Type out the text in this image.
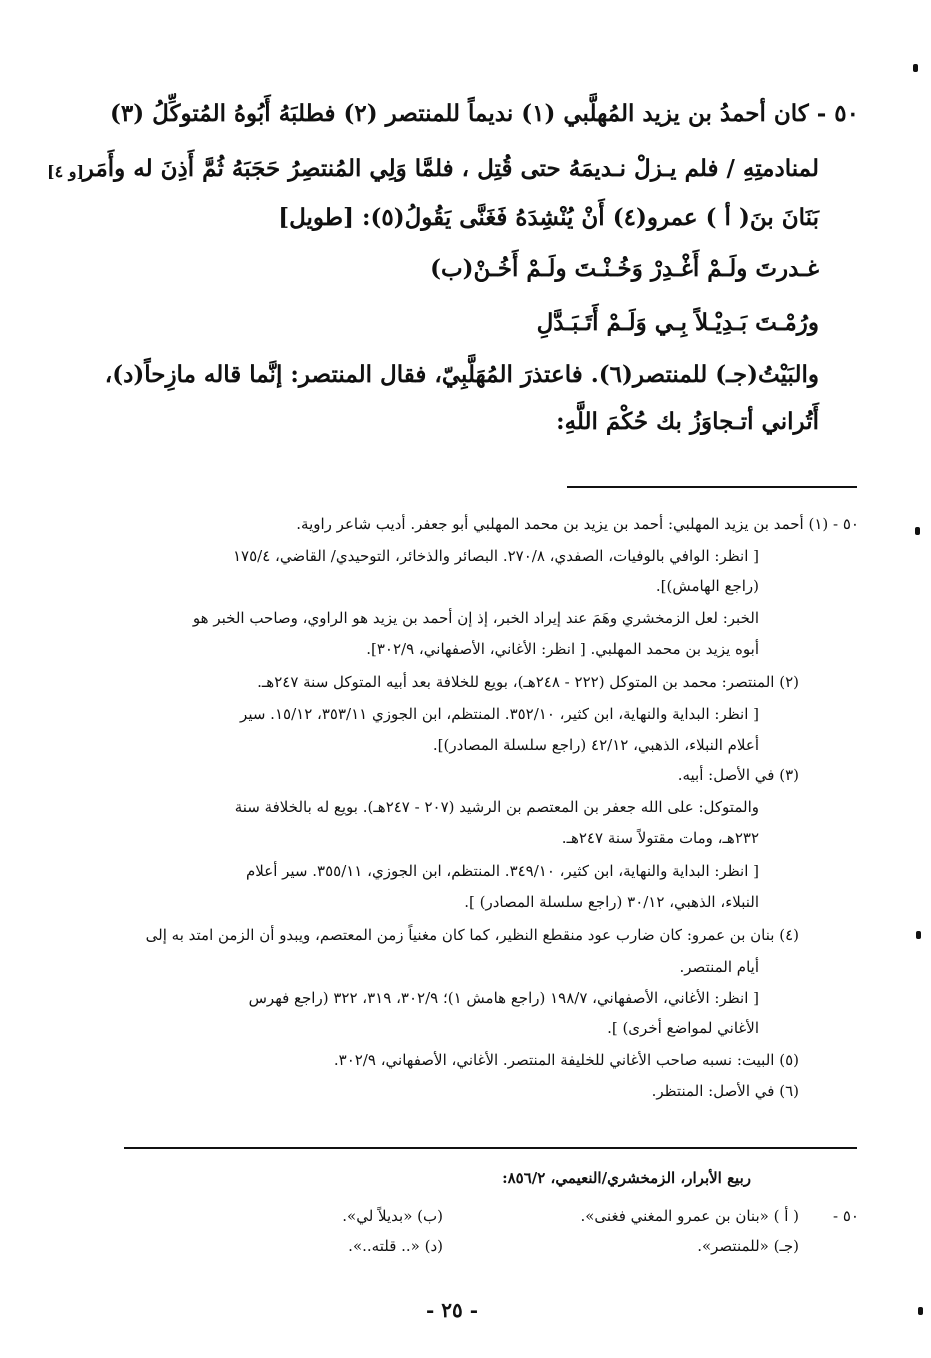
٥٠ - كان أحمدُ بن يزيد المُهلَّبي (١) نديماً للمنتصر (٢) فطلبَهُ أَبُوهُ المُتوكِّلُ (٣)
لمنادمتِهِ / فلم يـزلْ نـديمَهُ حتى قُتِل ، فلمَّا وَلِي المُنتصِرُ حَجَبَهُ ثُمَّ أَذِنَ له وأَمَر
بَنَانَ بنَ( أ ) عمرو(٤) أَنْ يُنْشِدَهُ فَغَنَّى يَقُولُ(٥): [طويل]
غـدرتَ ولَـمْ أَغْـدِرْ وَخُـنْـتَ ولَـمْ أَخُـنْ(ب)
ورُمْـتَ بَـدِيْـلاً بِـي وَلَـمْ أَتَـبَـدَّلِ
والبَيْتُ(جـ) للمنتصر(٦). فاعتذرَ المُهَلَّبِيّ، فقال المنتصر: إنَّما قاله مازِحاً(د)،
أَتُراني أتـجاوَزُ بك حُكْمَ اللَّهِ:
[و ٤]
٥٠ - (١) أحمد بن يزيد المهلبي: أحمد بن يزيد بن محمد المهلبي أبو جعفر. أديب شاعر راوية.
[ انظر: الوافي بالوفيات، الصفدي، ٢٧٠/٨. البصائر والذخائر، التوحيدي/ القاضي، ١٧٥/٤
(راجع الهامش)].
الخبر: لعل الزمخشري وهَمَ عند إيراد الخبر، إذ إن أحمد بن يزيد هو الراوي، وصاحب الخبر هو
أبوه يزيد بن محمد المهلبي. [ انظر: الأغاني، الأصفهاني، ٣٠٢/٩].
(٢) المنتصر: محمد بن المتوكل (٢٢٢ - ٢٤٨هـ)، بويع للخلافة بعد أبيه المتوكل سنة ٢٤٧هـ.
[ انظر: البداية والنهاية، ابن كثير، ٣٥٢/١٠. المنتظم، ابن الجوزي ٣٥٣/١١، ١٥/١٢. سير
أعلام النبلاء، الذهبي، ٤٢/١٢ (راجع سلسلة المصادر)].
(٣) في الأصل: أبيه.
والمتوكل: على الله جعفر بن المعتصم بن الرشيد (٢٠٧ - ٢٤٧هـ). بويع له بالخلافة سنة
٢٣٢هـ، ومات مقتولاً سنة ٢٤٧هـ.
[ انظر: البداية والنهاية، ابن كثير، ٣٤٩/١٠. المنتظم، ابن الجوزي، ٣٥٥/١١. سير أعلام
النبلاء، الذهبي، ٣٠/١٢ (راجع سلسلة المصادر) ].
(٤) بنان بن عمرو: كان ضارب عود منقطع النظير، كما كان مغنياً زمن المعتصم، ويبدو أن الزمن امتد به إلى
أيام المنتصر.
[ انظر: الأغاني، الأصفهاني، ١٩٨/٧ (راجع هامش ١)؛ ٣٠٢/٩، ٣١٩، ٣٢٢ (راجع فهرس
الأغاني لمواضع أخرى) ].
(٥) البيت: نسبه صاحب الأغاني للخليفة المنتصر. الأغاني، الأصفهاني، ٣٠٢/٩.
(٦) في الأصل: المنتظر.
ربيع الأبرار، الزمخشري/النعيمي، ٨٥٦/٢:
٥٠ -
( أ ) «بنان بن عمرو المغني فغنى».
(ب) «بديلاً لي».
(جـ) «للمنتصر».
(د) «.. قلته..».
- ٢٥ -
